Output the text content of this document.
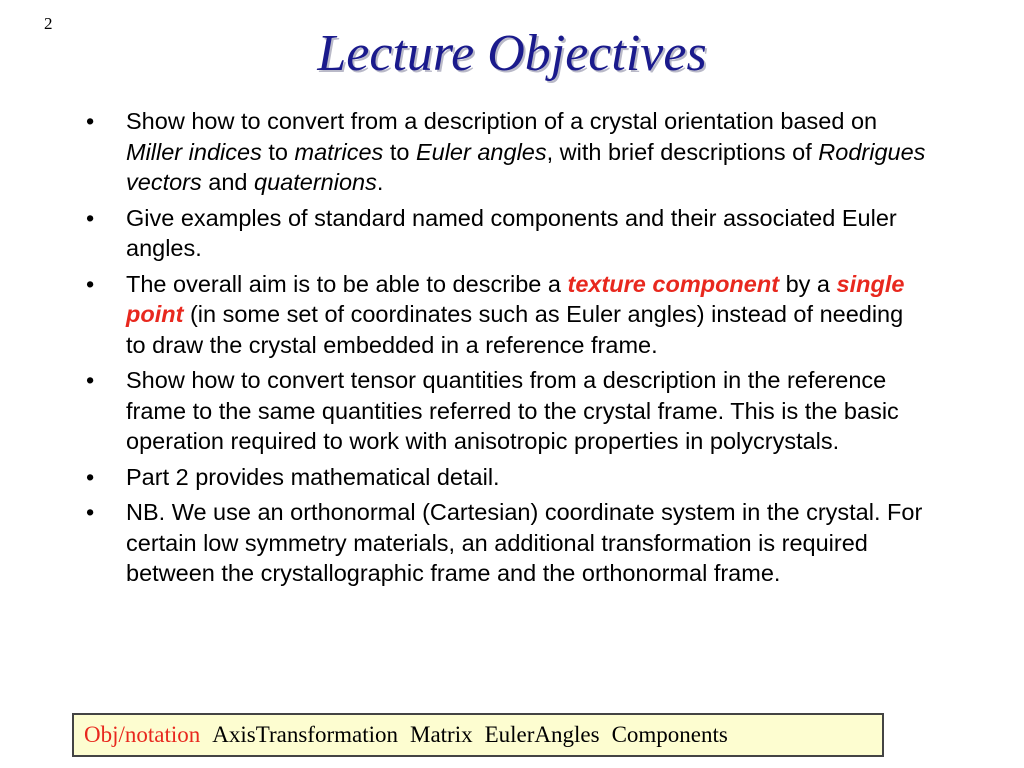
2
Lecture Objectives
• Show how to convert from a description of a crystal orientation based on Miller indices to matrices to Euler angles, with brief descriptions of Rodrigues vectors and quaternions.
• Give examples of standard named components and their associated Euler angles.
• The overall aim is to be able to describe a texture component by a single point (in some set of coordinates such as Euler angles) instead of needing to draw the crystal embedded in a reference frame.
• Show how to convert tensor quantities from a description in the reference frame to the same quantities referred to the crystal frame. This is the basic operation required to work with anisotropic properties in polycrystals.
• Part 2 provides mathematical detail.
• NB. We use an orthonormal (Cartesian) coordinate system in the crystal. For certain low symmetry materials, an additional transformation is required between the crystallographic frame and the orthonormal frame.
Obj/notation AxisTransformation Matrix EulerAngles Components
